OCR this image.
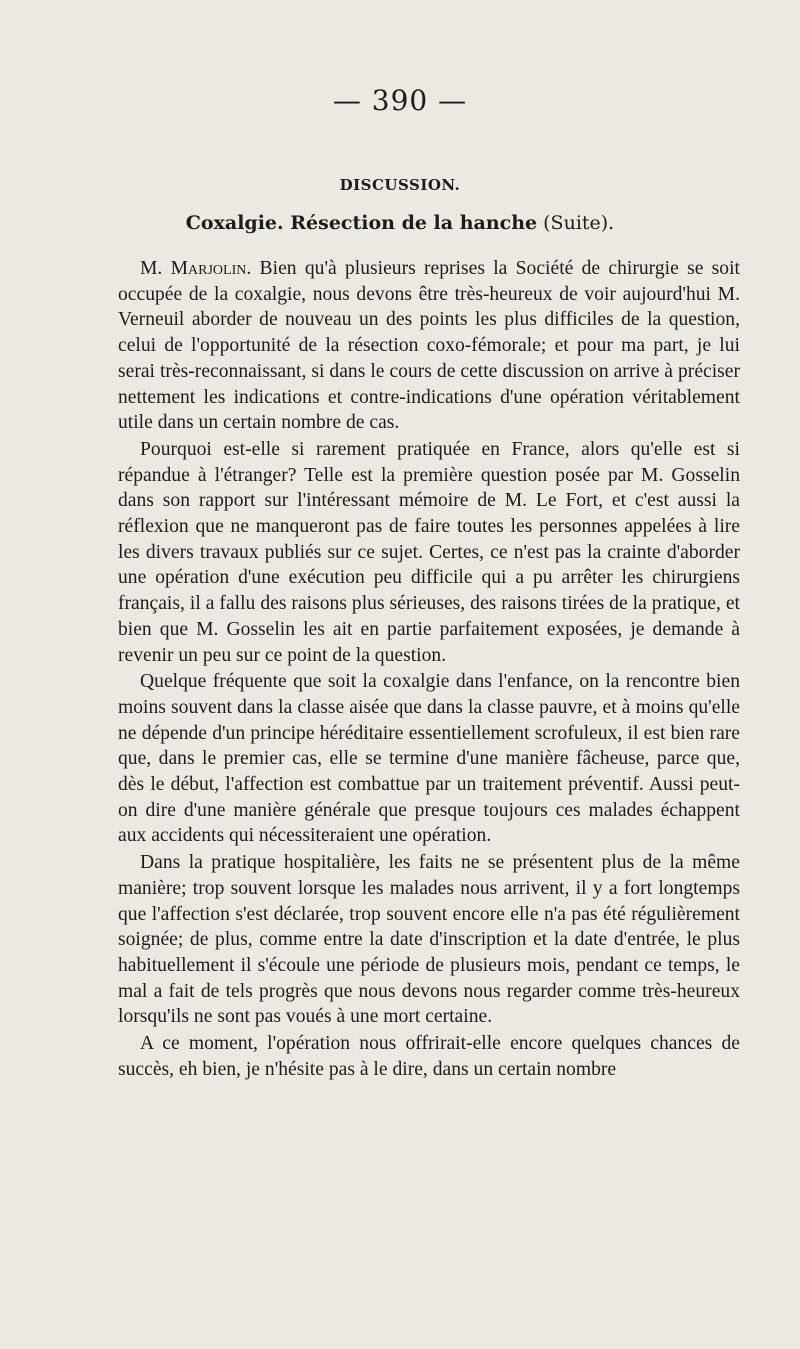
— 390 —
DISCUSSION.
Coxalgie. Résection de la hanche (Suite).

M. Marjolin. Bien qu'à plusieurs reprises la Société de chirurgie se soit occupée de la coxalgie, nous devons être très-heureux de voir aujourd'hui M. Verneuil aborder de nouveau un des points les plus difficiles de la question, celui de l'opportunité de la résection coxo-fémorale; et pour ma part, je lui serai très-reconnaissant, si dans le cours de cette discussion on arrive à préciser nettement les indications et contre-indications d'une opération véritablement utile dans un certain nombre de cas.

Pourquoi est-elle si rarement pratiquée en France, alors qu'elle est si répandue à l'étranger? Telle est la première question posée par M. Gosselin dans son rapport sur l'intéressant mémoire de M. Le Fort, et c'est aussi la réflexion que ne manqueront pas de faire toutes les personnes appelées à lire les divers travaux publiés sur ce sujet. Certes, ce n'est pas la crainte d'aborder une opération d'une exécution peu difficile qui a pu arrêter les chirurgiens français, il a fallu des raisons plus sérieuses, des raisons tirées de la pratique, et bien que M. Gosselin les ait en partie parfaitement exposées, je demande à revenir un peu sur ce point de la question.

Quelque fréquente que soit la coxalgie dans l'enfance, on la rencontre bien moins souvent dans la classe aisée que dans la classe pauvre, et à moins qu'elle ne dépende d'un principe héréditaire essentiellement scrofuleux, il est bien rare que, dans le premier cas, elle se termine d'une manière fâcheuse, parce que, dès le début, l'affection est combattue par un traitement préventif. Aussi peut-on dire d'une manière générale que presque toujours ces malades échappent aux accidents qui nécessiteraient une opération.

Dans la pratique hospitalière, les faits ne se présentent plus de la même manière; trop souvent lorsque les malades nous arrivent, il y a fort longtemps que l'affection s'est déclarée, trop souvent encore elle n'a pas été régulièrement soignée; de plus, comme entre la date d'inscription et la date d'entrée, le plus habituellement il s'écoule une période de plusieurs mois, pendant ce temps, le mal a fait de tels progrès que nous devons nous regarder comme très-heureux lorsqu'ils ne sont pas voués à une mort certaine.

A ce moment, l'opération nous offrirait-elle encore quelques chances de succès, eh bien, je n'hésite pas à le dire, dans un certain nombre
